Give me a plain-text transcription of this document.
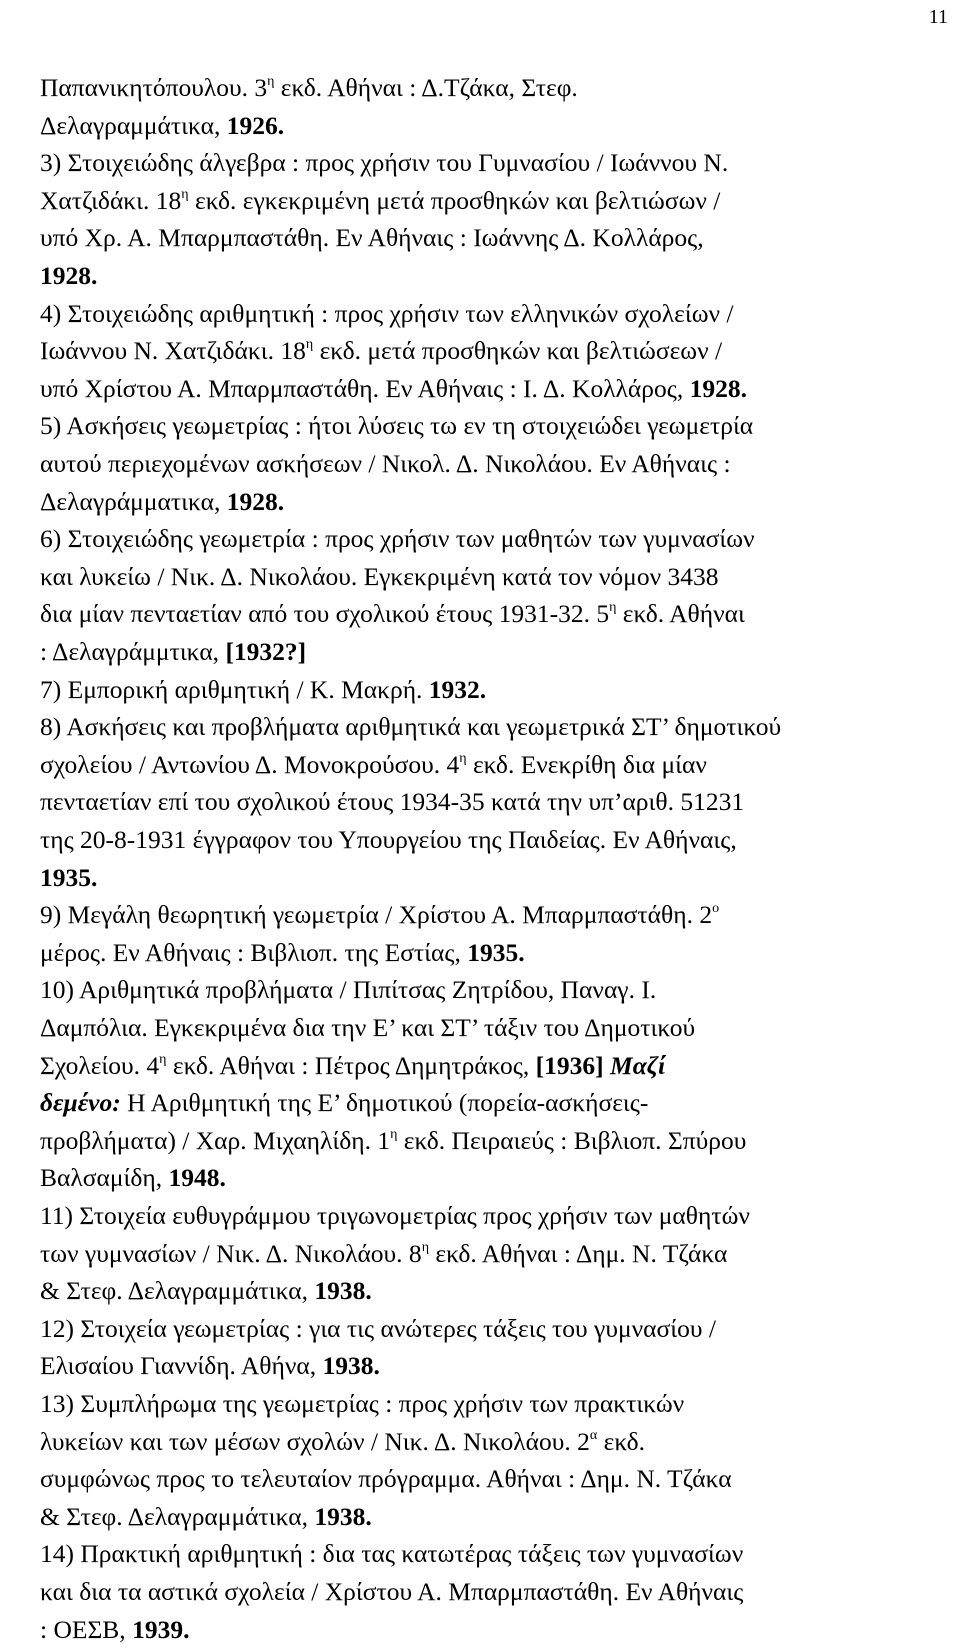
11
Παπανικητόπουλου. $3^\eta$ εκδ. Αθήναι : Δ.Τζάκα, Στεφ.
Δελαγραμμάτικα, 1926.
3) Στοιχειώδης άλγεβρα : προς χρήσιν του Γυμνασίου / Ιωάννου Ν.
Χατζιδάκι. $18^\eta$ εκδ. εγκεκριμένη μετά προσθηκών και βελτιώσων /
υπό Χρ. Α. Μπαρμπαστάθη. Εν Αθήναις : Ιωάννης Δ. Κολλάρος,
1928.
4) Στοιχειώδης αριθμητική : προς χρήσιν των ελληνικών σχολείων /
Ιωάννου Ν. Χατζιδάκι. $18^\eta$ εκδ. μετά προσθηκών και βελτιώσεων /
υπό Χρίστου Α. Μπαρμπαστάθη. Εν Αθήναις : Ι. Δ. Κολλάρος, 1928.
5) Ασκήσεις γεωμετρίας : ήτοι λύσεις τω εν τη στοιχειώδει γεωμετρία
αυτού περιεχομένων ασκήσεων / Νικολ. Δ. Νικολάου. Εν Αθήναις :
Δελαγράμματικα, 1928.
6) Στοιχειώδης γεωμετρία : προς χρήσιν των μαθητών των γυμνασίων
και λυκείω / Νικ. Δ. Νικολάου. Εγκεκριμένη κατά τον νόμον 3438
δια μίαν πενταετίαν από του σχολικού έτους 1931-32. $5^\eta$ εκδ. Αθήναι
: Δελαγράμμτικα, [1932?]
7) Εμπορική αριθμητική / Κ. Μακρή. 1932.
8) Ασκήσεις και προβλήματα αριθμητικά και γεωμετρικά ΣΤ’ δημοτικού
σχολείου / Αντωνίου Δ. Μονοκρούσου. $4^\eta$ εκδ. Ενεκρίθη δια μίαν
πενταετίαν επί του σχολικού έτους 1934-35 κατά την υπ’αριθ. 51231
της 20-8-1931 έγγραφον του Υπουργείου της Παιδείας. Εν Αθήναις,
1935.
9) Μεγάλη θεωρητική γεωμετρία / Χρίστου Α. Μπαρμπαστάθη. $2^o$
μέρος. Εν Αθήναις : Βιβλιοπ. της Εστίας, 1935.
10) Αριθμητικά προβλήματα / Πιπίτσας Ζητρίδου, Παναγ. Ι.
Δαμπόλια. Εγκεκριμένα δια την Ε’ και ΣΤ’ τάξιν του Δημοτικού
Σχολείου. $4^\eta$ εκδ. Αθήναι : Πέτρος Δημητράκος, [1936] Μαζί
δεμένο: Η Αριθμητική της Ε’ δημοτικού (πορεία-ασκήσεις-
προβλήματα) / Χαρ. Μιχαηλίδη. $1^\eta$ εκδ. Πειραιεύς : Βιβλιοπ. Σπύρου
Βαλσαμίδη, 1948.
11) Στοιχεία ευθυγράμμου τριγωνομετρίας προς χρήσιν των μαθητών
των γυμνασίων / Νικ. Δ. Νικολάου. $8^\eta$ εκδ. Αθήναι : Δημ. Ν. Τζάκα
& Στεφ. Δελαγραμμάτικα, 1938.
12) Στοιχεία γεωμετρίας : για τις ανώτερες τάξεις του γυμνασίου /
Ελισαίου Γιαννίδη. Αθήνα, 1938.
13) Συμπλήρωμα της γεωμετρίας : προς χρήσιν των πρακτικών
λυκείων και των μέσων σχολών / Νικ. Δ. Νικολάου. $2^\alpha$ εκδ.
συμφώνως προς το τελευταίον πρόγραμμα. Αθήναι : Δημ. Ν. Τζάκα
& Στεφ. Δελαγραμμάτικα, 1938.
14) Πρακτική αριθμητική : δια τας κατωτέρας τάξεις των γυμνασίων
και δια τα αστικά σχολεία / Χρίστου Α. Μπαρμπαστάθη. Εν Αθήναις
: ΟΕΣΒ, 1939.
